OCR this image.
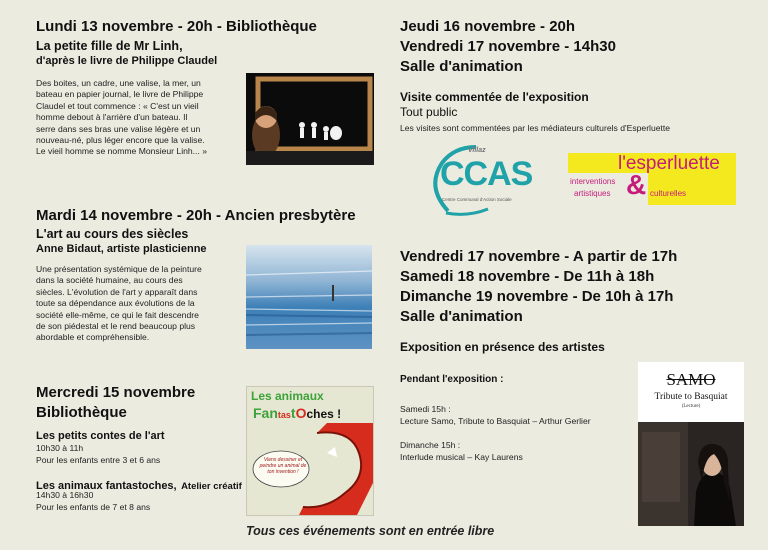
Lundi 13 novembre - 20h - Bibliothèque
La petite fille de Mr Linh,
d'après le livre de Philippe Claudel
Des boites, un cadre, une valise, la mer, un
bateau en papier journal, le livre de Philippe
Claudel et tout commence : « C'est un vieil
homme debout à l'arrière d'un bateau. Il
serre dans ses bras une valise légère et un
nouveau-né, plus léger encore que la valise.
Le vieil homme se nomme Monsieur Linh... »
Mardi 14 novembre - 20h - Ancien presbytère
L'art au cours des siècles
Anne Bidaut, artiste plasticienne
Une présentation systémique de la peinture
dans la société humaine, au cours des
siècles. L'évolution de l'art y apparaît dans
toute sa dépendance aux évolutions de la
société elle-même, ce qui le fait descendre
de son piédestal et le rend beaucoup plus
abordable et compréhensible.
Mercredi 15 novembre
Bibliothèque
Les petits contes de l'art
10h30 à 11h
Pour les enfants entre 3 et 6 ans
Les animaux fantastoches, Atelier créatif
14h30 à 16h30
Pour les enfants de 7 et 8 ans
Les animaux
FantastOches !
Viens dessiner et peindre un animal de ton invention !
Jeudi 16 novembre - 20h
Vendredi 17 novembre - 14h30
Salle d'animation
Visite commentée de l'exposition
Tout public
Les visites sont commentées par les médiateurs culturels d'Esperluette
Villaz
CCAS
Centre Communal d'Action Sociale
l'esperluette
&
interventions
artistiques	culturelles
Vendredi 17 novembre - A partir de 17h
Samedi 18 novembre - De 11h à 18h
Dimanche 19 novembre - De 10h à 17h
Salle d'animation
Exposition en présence des artistes
Pendant l'exposition :
Samedi 15h :
Lecture Samo, Tribute to Basquiat – Arthur Gerlier
Dimanche 15h :
Interlude musical – Kay Laurens
SAMO
Tribute to Basquiat
(Lecture)
Tous ces événements sont en entrée libre
